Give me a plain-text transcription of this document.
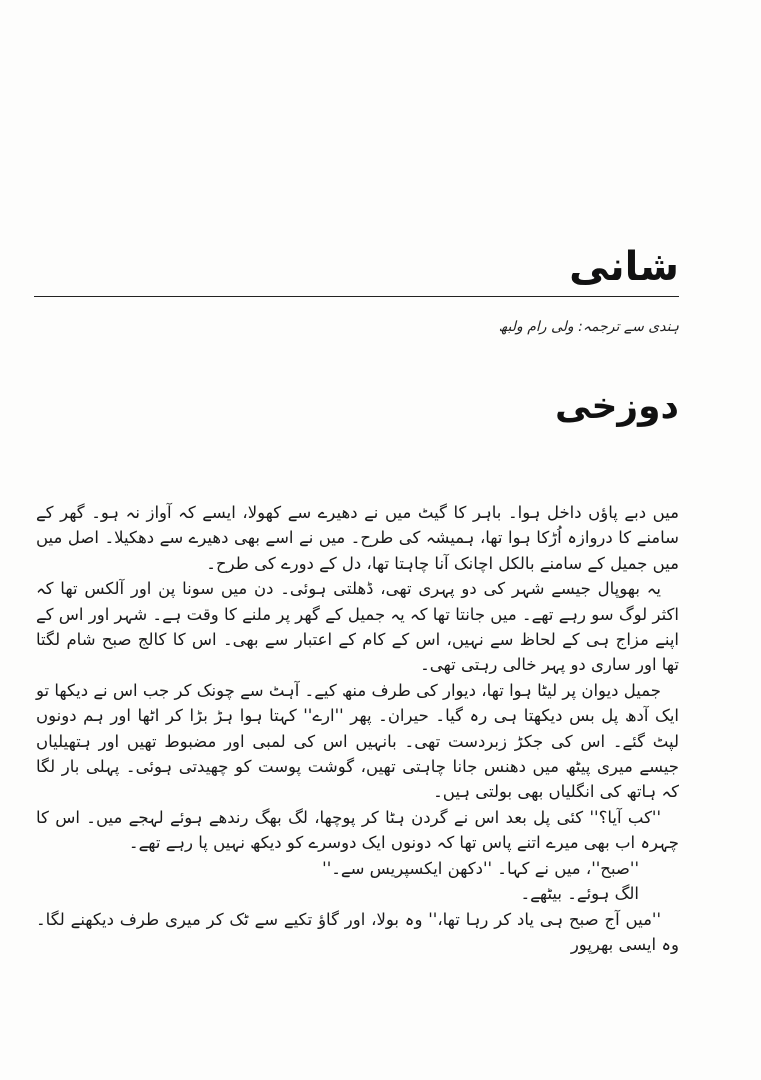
شانی
ہندی سے ترجمہ: ولی رام ولبھ
دوزخی

میں دبے پاؤں داخل ہوا۔ باہر کا گیٹ میں نے دھیرے سے کھولا، ایسے کہ آواز نہ ہو۔ گھر کے سامنے کا دروازہ اُڑکا ہوا تھا، ہمیشہ کی طرح۔ میں نے اسے بھی دھیرے سے دھکیلا۔ اصل میں میں جمیل کے سامنے بالکل اچانک آنا چاہتا تھا، دل کے دورے کی طرح۔

یہ بھوپال جیسے شہر کی دو پہری تھی، ڈھلتی ہوئی۔ دن میں سونا پن اور آلکس تھا کہ اکثر لوگ سو رہے تھے۔ میں جانتا تھا کہ یہ جمیل کے گھر پر ملنے کا وقت ہے۔ شہر اور اس کے اپنے مزاج ہی کے لحاظ سے نہیں، اس کے کام کے اعتبار سے بھی۔ اس کا کالج صبح شام لگتا تھا اور ساری دو پہر خالی رہتی تھی۔

جمیل دیوان پر لیٹا ہوا تھا، دیوار کی طرف منھ کیے۔ آہٹ سے چونک کر جب اس نے دیکھا تو ایک آدھ پل بس دیکھتا ہی رہ گیا۔ حیران۔ پھر ''ارے'' کہتا ہوا ہڑ بڑا کر اٹھا اور ہم دونوں لپٹ گئے۔ اس کی جکڑ زبردست تھی۔ بانہیں اس کی لمبی اور مضبوط تھیں اور ہتھیلیاں جیسے میری پیٹھ میں دھنس جانا چاہتی تھیں، گوشت پوست کو چھیدتی ہوئی۔ پہلی بار لگا کہ ہاتھ کی انگلیاں بھی بولتی ہیں۔

''کب آیا؟'' کئی پل بعد اس نے گردن ہٹا کر پوچھا، لگ بھگ رندھے ہوئے لہجے میں۔ اس کا چہرہ اب بھی میرے اتنے پاس تھا کہ دونوں ایک دوسرے کو دیکھ نہیں پا رہے تھے۔

''صبح''، میں نے کہا۔ ''دکھن ایکسپریس سے۔''

الگ ہوئے۔ بیٹھے۔

''میں آج صبح ہی یاد کر رہا تھا،'' وہ بولا، اور گاؤ تکیے سے ٹک کر میری طرف دیکھنے لگا۔ وہ ایسی بھرپور
